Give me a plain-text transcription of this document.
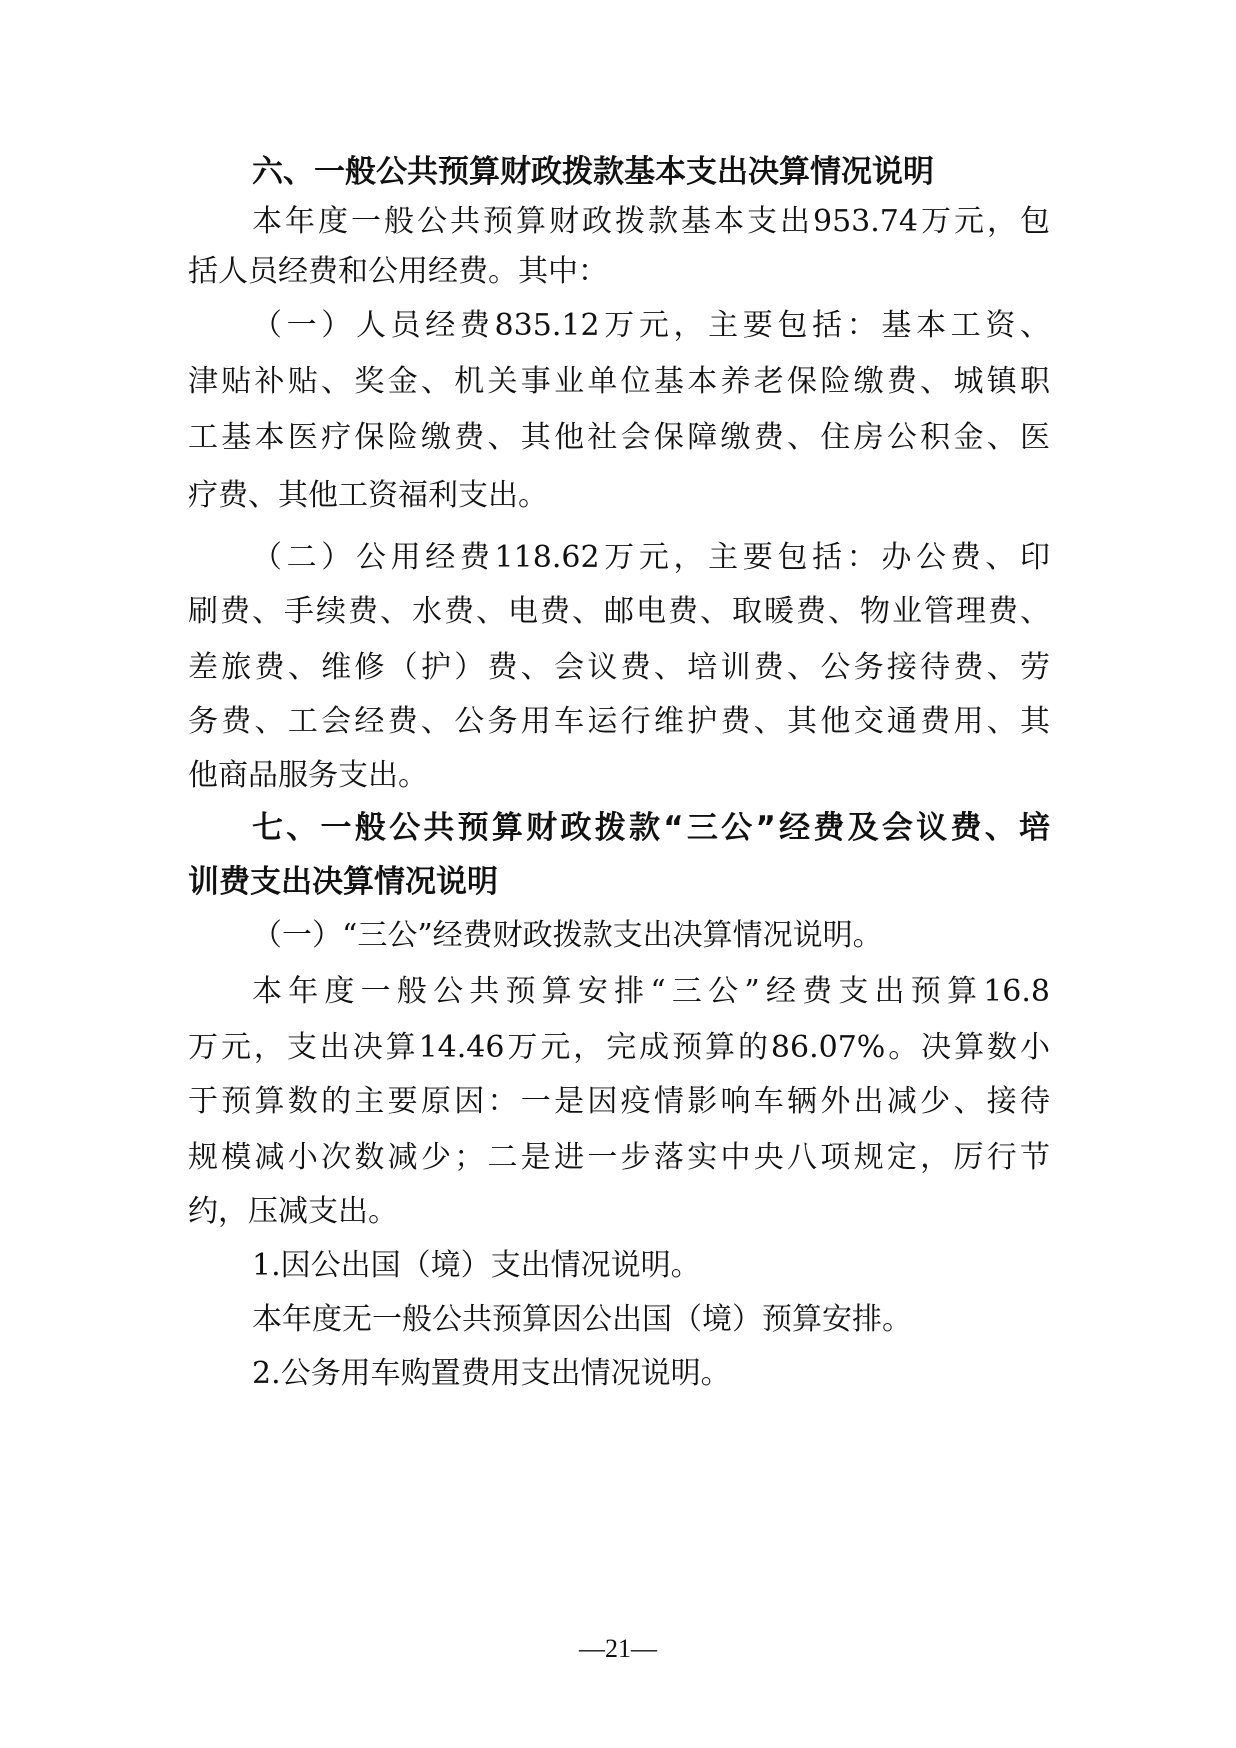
六、一般公共预算财政拨款基本支出决算情况说明
本年度一般公共预算财政拨款基本支出953.74万元，包
括人员经费和公用经费。其中：
（一）人员经费835.12万元，主要包括：基本工资、
津贴补贴、奖金、机关事业单位基本养老保险缴费、城镇职
工基本医疗保险缴费、其他社会保障缴费、住房公积金、医
疗费、其他工资福利支出。
（二）公用经费118.62万元，主要包括：办公费、印
刷费、手续费、水费、电费、邮电费、取暖费、物业管理费、
差旅费、维修（护）费、会议费、培训费、公务接待费、劳
务费、工会经费、公务用车运行维护费、其他交通费用、其
他商品服务支出。
七、一般公共预算财政拨款“三公”经费及会议费、培
训费支出决算情况说明
（一）“三公”经费财政拨款支出决算情况说明。
本年度一般公共预算安排“三公”经费支出预算16.8
万元，支出决算14.46万元，完成预算的86.07%。决算数小
于预算数的主要原因：一是因疫情影响车辆外出减少、接待
规模减小次数减少；二是进一步落实中央八项规定，厉行节
约，压减支出。
1.因公出国（境）支出情况说明。
本年度无一般公共预算因公出国（境）预算安排。
2.公务用车购置费用支出情况说明。
—21—
